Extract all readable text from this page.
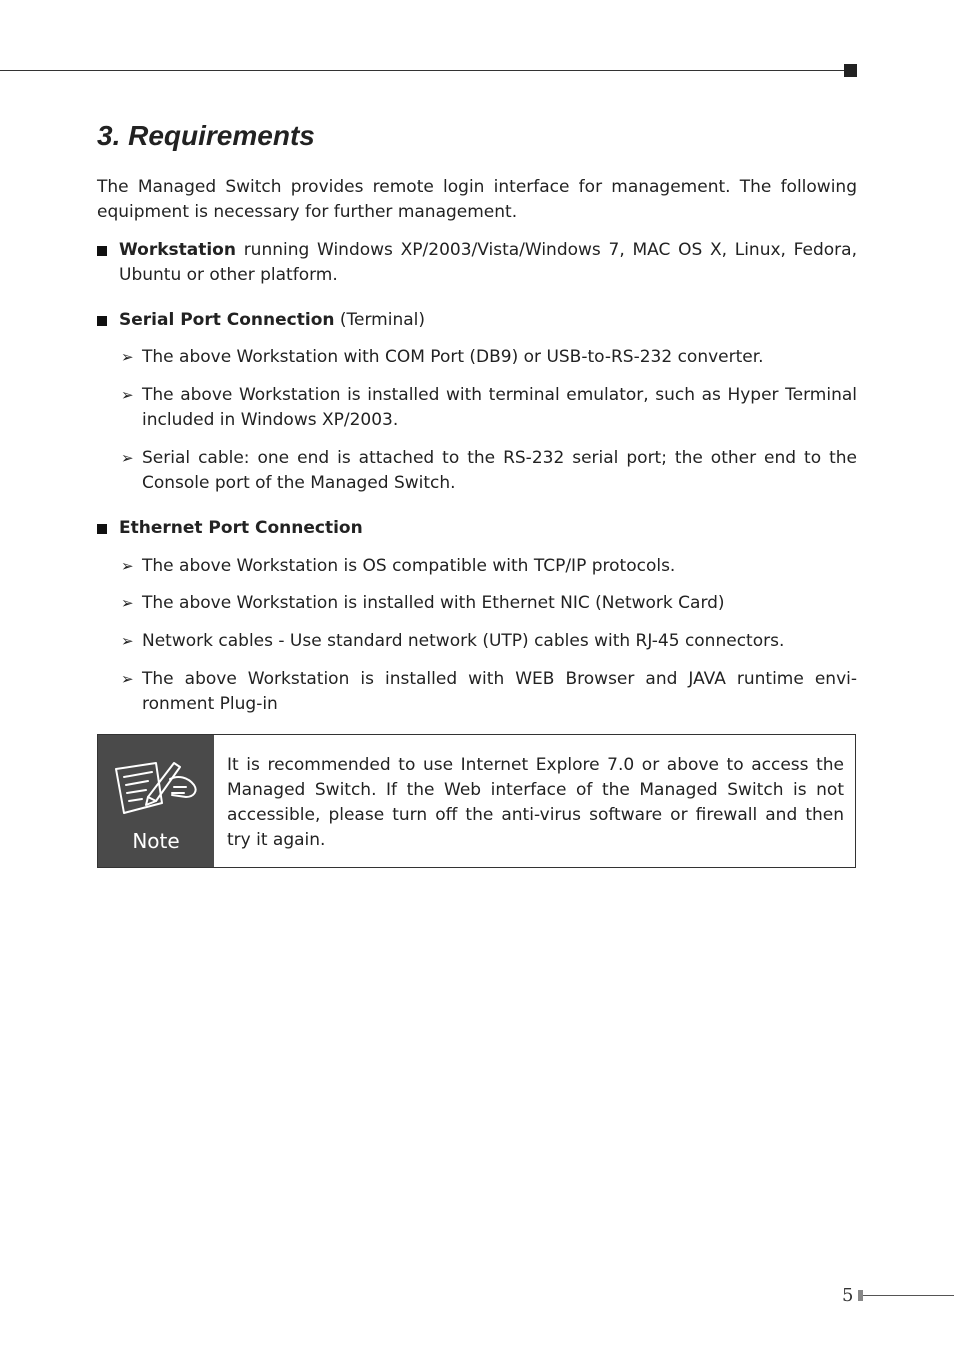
3. Requirements

The Managed Switch provides remote login interface for management. The following equipment is necessary for further management.

Workstation running Windows XP/2003/Vista/Windows 7, MAC OS X, Linux, Fedora, Ubuntu or other platform.
Serial Port Connection (Terminal)
➢ The above Workstation with COM Port (DB9) or USB-to-RS-232 converter.
➢ The above Workstation is installed with terminal emulator, such as Hyper Terminal included in Windows XP/2003.
➢ Serial cable: one end is attached to the RS-232 serial port; the other end to the Console port of the Managed Switch.
Ethernet Port Connection
➢ The above Workstation is OS compatible with TCP/IP protocols.
➢ The above Workstation is installed with Ethernet NIC (Network Card)
➢ Network cables - Use standard network (UTP) cables with RJ-45 connectors.
➢ The above Workstation is installed with WEB Browser and JAVA runtime envi-ronment Plug-in
Note
It is recommended to use Internet Explore 7.0 or above to access the Managed Switch. If the Web interface of the Managed Switch is not accessible, please turn off the anti-virus software or firewall and then try it again.
5
